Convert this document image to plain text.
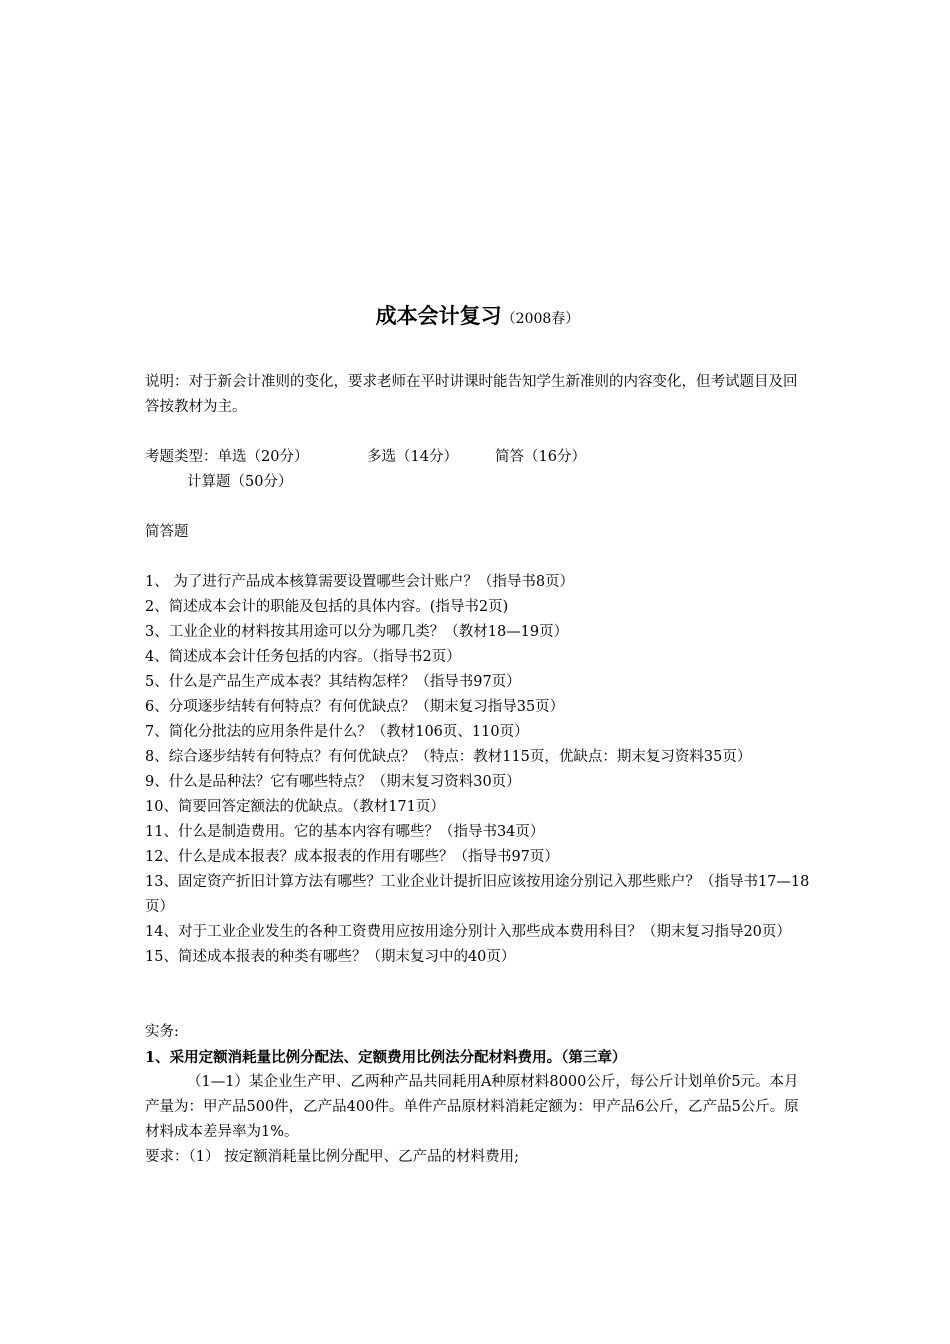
成本会计复习（2008春）

说明：对于新会计准则的变化，要求老师在平时讲课时能告知学生新准则的内容变化，但考试题目及回答按教材为主。

考题类型：单选（20分）	多选（14分）	简答（16分）

计算题（50分）

简答题

1、 为了进行产品成本核算需要设置哪些会计账户？（指导书8页）

2、简述成本会计的职能及包括的具体内容。(指导书2页)

3、工业企业的材料按其用途可以分为哪几类？（教材18—19页）

4、简述成本会计任务包括的内容。（指导书2页）

5、什么是产品生产成本表？其结构怎样？（指导书97页）

6、分项逐步结转有何特点？有何优缺点？（期末复习指导35页）

7、简化分批法的应用条件是什么？（教材106页、110页）

8、综合逐步结转有何特点？有何优缺点？（特点：教材115页，优缺点：期末复习资料35页）

9、什么是品种法？它有哪些特点？（期末复习资料30页）

10、简要回答定额法的优缺点。（教材171页）

11、什么是制造费用。它的基本内容有哪些？（指导书34页）

12、什么是成本报表？成本报表的作用有哪些？（指导书97页）

13、固定资产折旧计算方法有哪些？工业企业计提折旧应该按用途分别记入那些账户？（指导书17—18页）

14、对于工业企业发生的各种工资费用应按用途分别计入那些成本费用科目？（期末复习指导20页）

15、简述成本报表的种类有哪些？（期末复习中的40页）

实务:

1、采用定额消耗量比例分配法、定额费用比例法分配材料费用。（第三章）

（1—1）某企业生产甲、乙两种产品共同耗用A种原材料8000公斤，每公斤计划单价5元。本月产量为：甲产品500件，乙产品400件。单件产品原材料消耗定额为：甲产品6公斤，乙产品5公斤。原材料成本差异率为1%。

要求：（1） 按定额消耗量比例分配甲、乙产品的材料费用;
